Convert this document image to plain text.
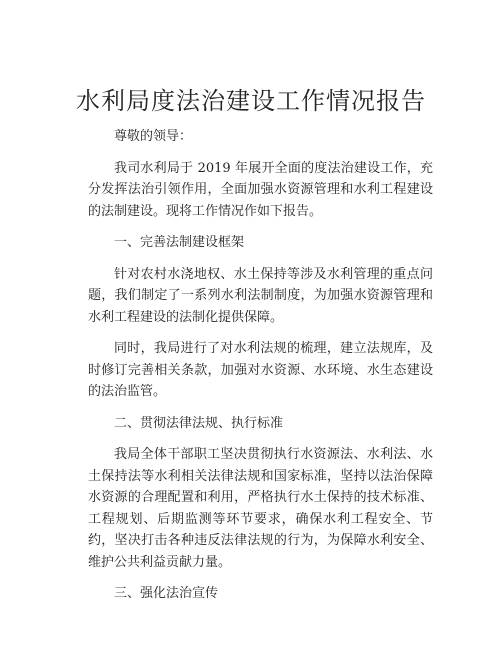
水利局度法治建设工作情况报告

尊敬的领导：

我司水利局于 2019 年展开全面的度法治建设工作，充分发挥法治引领作用，全面加强水资源管理和水利工程建设的法制建设。现将工作情况作如下报告。

一、完善法制建设框架

针对农村水浇地权、水土保持等涉及水利管理的重点问题，我们制定了一系列水利法制制度，为加强水资源管理和水利工程建设的法制化提供保障。

同时，我局进行了对水利法规的梳理，建立法规库，及时修订完善相关条款，加强对水资源、水环境、水生态建设的法治监管。

二、贯彻法律法规、执行标准

我局全体干部职工坚决贯彻执行水资源法、水利法、水土保持法等水利相关法律法规和国家标准，坚持以法治保障水资源的合理配置和利用，严格执行水土保持的技术标准、工程规划、后期监测等环节要求，确保水利工程安全、节约，坚决打击各种违反法律法规的行为，为保障水利安全、维护公共利益贡献力量。

三、强化法治宣传
